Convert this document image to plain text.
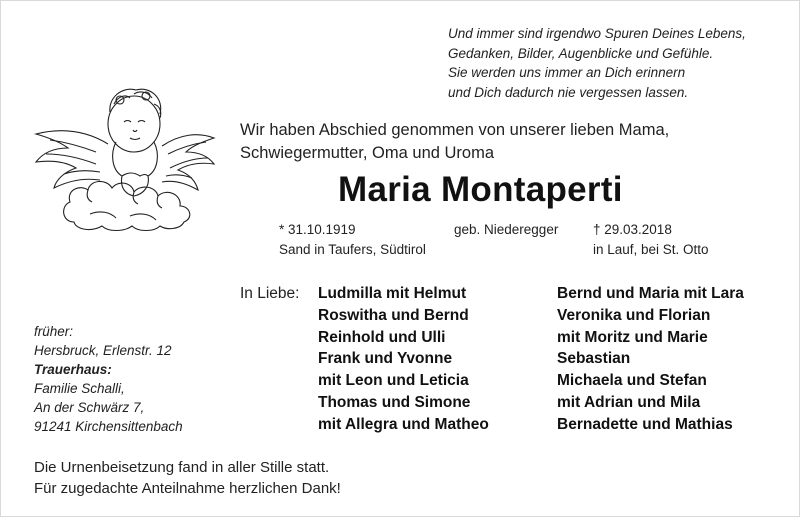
Und immer sind irgendwo Spuren Deines Lebens,
Gedanken, Bilder, Augenblicke und Gefühle.
Sie werden uns immer an Dich erinnern
und Dich dadurch nie vergessen lassen.
Wir haben Abschied genommen von unserer lieben Mama,
Schwiegermutter, Oma und Uroma
Maria Montaperti
* 31.10.1919
Sand in Taufers, Südtirol
geb. Niederegger	† 29.03.2018
in Lauf, bei St. Otto
In Liebe: Ludmilla mit Helmut
Roswitha und Bernd
Reinhold und Ulli
Frank und Yvonne
mit Leon und Leticia
Thomas und Simone
mit Allegra und Matheo
Bernd und Maria mit Lara
Veronika und Florian
mit Moritz und Marie
Sebastian
Michaela und Stefan
mit Adrian und Mila
Bernadette und Mathias
früher:
Hersbruck, Erlenstr. 12
Trauerhaus:
Familie Schalli,
An der Schwärz 7,
91241 Kirchensittenbach
Die Urnenbeisetzung fand in aller Stille statt.
Für zugedachte Anteilnahme herzlichen Dank!
